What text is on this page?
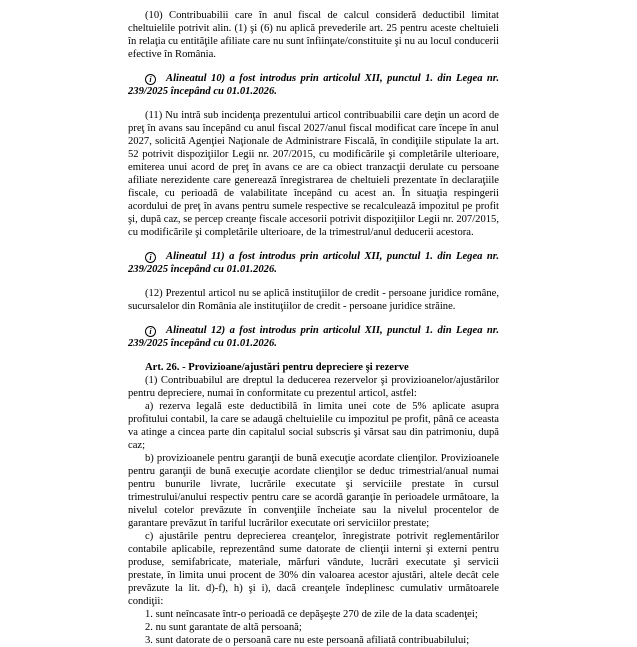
(10) Contribuabilii care în anul fiscal de calcul consideră deductibil limitat cheltuielile potrivit alin. (1) şi (6) nu aplică prevederile art. 25 pentru aceste cheltuieli în relaţia cu entităţile afiliate care nu sunt înfiinţate/constituite şi nu au locul conducerii efective în România.

i	Alineatul 10) a fost introdus prin articolul XII, punctul 1. din Legea nr. 239/2025 începând cu 01.01.2026.

(11) Nu intră sub incidenţa prezentului articol contribuabilii care deţin un acord de preţ în avans sau începând cu anul fiscal 2027/anul fiscal modificat care începe în anul 2027, solicită Agenţiei Naţionale de Administrare Fiscală, în condiţiile stipulate la art. 52 potrivit dispoziţiilor Legii nr. 207/2015, cu modificările şi completările ulterioare, emiterea unui acord de preţ în avans ce are ca obiect tranzacţii derulate cu persoane afiliate nerezidente care generează înregistrarea de cheltuieli prezentate în declaraţiile fiscale, cu perioadă de valabilitate începând cu acest an. În situaţia respingerii acordului de preţ în avans pentru sumele respective se recalculează impozitul pe profit şi, după caz, se percep creanţe fiscale accesorii potrivit dispoziţiilor Legii nr. 207/2015, cu modificările şi completările ulterioare, de la trimestrul/anul deducerii acestora.

i	Alineatul 11) a fost introdus prin articolul XII, punctul 1. din Legea nr. 239/2025 începând cu 01.01.2026.

(12) Prezentul articol nu se aplică instituţiilor de credit - persoane juridice române, sucursalelor din România ale instituţiilor de credit - persoane juridice străine.

i	Alineatul 12) a fost introdus prin articolul XII, punctul 1. din Legea nr. 239/2025 începând cu 01.01.2026.

Art. 26. - Provizioane/ajustări pentru depreciere şi rezerve

(1) Contribuabilul are dreptul la deducerea rezervelor şi provizioanelor/ajustărilor pentru depreciere, numai în conformitate cu prezentul articol, astfel:

a) rezerva legală este deductibilă în limita unei cote de 5% aplicate asupra profitului contabil, la care se adaugă cheltuielile cu impozitul pe profit, până ce aceasta va atinge a cincea parte din capitalul social subscris şi vărsat sau din patrimoniu, după caz;

b) provizioanele pentru garanţii de bună execuţie acordate clienţilor. Provizioanele pentru garanţii de bună execuţie acordate clienţilor se deduc trimestrial/anual numai pentru bunurile livrate, lucrările executate şi serviciile prestate în cursul trimestrului/anului respectiv pentru care se acordă garanţie în perioadele următoare, la nivelul cotelor prevăzute în convenţiile încheiate sau la nivelul procentelor de garantare prevăzut în tariful lucrărilor executate ori serviciilor prestate;

c) ajustările pentru deprecierea creanţelor, înregistrate potrivit reglementărilor contabile aplicabile, reprezentând sume datorate de clienţii interni şi externi pentru produse, semifabricate, materiale, mărfuri vândute, lucrări executate şi servicii prestate, în limita unui procent de 30% din valoarea acestor ajustări, altele decât cele prevăzute la lit. d)-f), h) şi i), dacă creanţele îndeplinesc cumulativ următoarele condiţii:

1. sunt neîncasate într-o perioadă ce depăşeşte 270 de zile de la data scadenţei;

2. nu sunt garantate de altă persoană;

3. sunt datorate de o persoană care nu este persoană afiliată contribuabilului;
